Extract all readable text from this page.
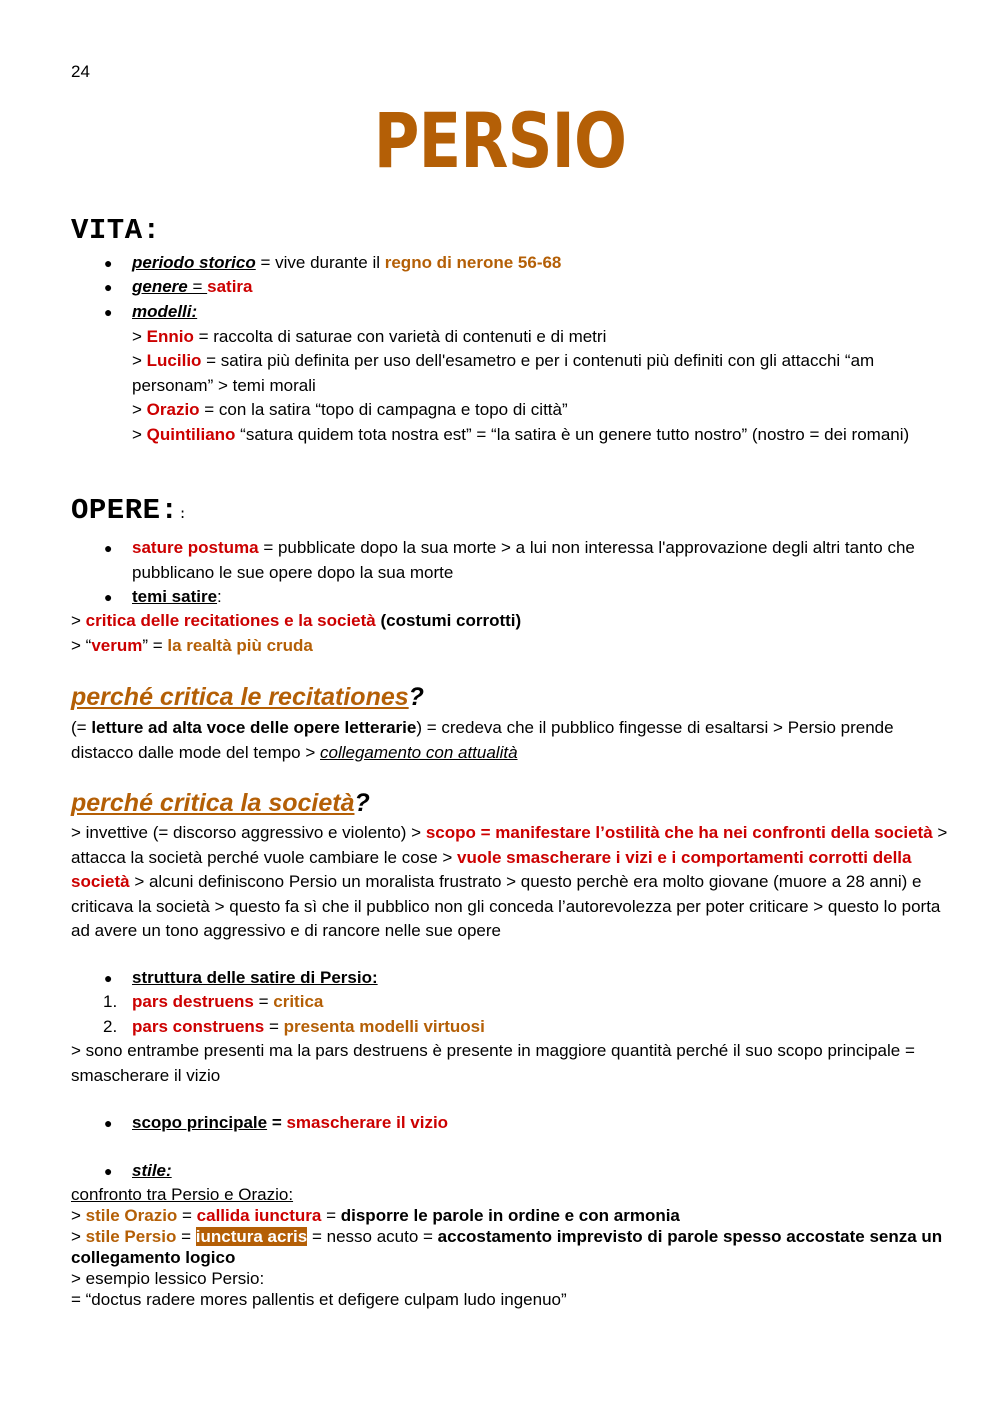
24
PERSIO
VITA:
● periodo storico = vive durante il regno di nerone 56-68
● genere = satira
● modelli:
> Ennio = raccolta di saturae con varietà di contenuti e di metri
> Lucilio = satira più definita per uso dell'esametro e per i contenuti più definiti con gli attacchi “am personam” > temi morali
> Orazio = con la satira “topo di campagna e topo di città”
> Quintiliano “satura quidem tota nostra est” = “la satira è un genere tutto nostro” (nostro = dei romani)
OPERE::
● sature postuma = pubblicate dopo la sua morte > a lui non interessa l'approvazione degli altri tanto che pubblicano le sue opere dopo la sua morte
● temi satire:
> critica delle recitationes e la società (costumi corrotti)
> “verum” = la realtà più cruda
perché critica le recitationes?
(= letture ad alta voce delle opere letterarie) = credeva che il pubblico fingesse di esaltarsi > Persio prende distacco dalle mode del tempo > collegamento con attualità
perché critica la società?
> invettive (= discorso aggressivo e violento) > scopo = manifestare l’ostilità che ha nei confronti della società > attacca la società perché vuole cambiare le cose > vuole smascherare i vizi e i comportamenti corrotti della società > alcuni definiscono Persio un moralista frustrato > questo perchè era molto giovane (muore a 28 anni) e criticava la società > questo fa sì che il pubblico non gli conceda l’autorevolezza per poter criticare > questo lo porta ad avere un tono aggressivo e di rancore nelle sue opere
● struttura delle satire di Persio:
1. pars destruens = critica
2. pars construens = presenta modelli virtuosi
> sono entrambe presenti ma la pars destruens è presente in maggiore quantità perché il suo scopo principale = smascherare il vizio
● scopo principale = smascherare il vizio
● stile:
confronto tra Persio e Orazio:
> stile Orazio = callida iunctura = disporre le parole in ordine e con armonia
> stile Persio = iunctura acris = nesso acuto = accostamento imprevisto di parole spesso accostate senza un collegamento logico
> esempio lessico Persio:
= “doctus radere mores pallentis et defigere culpam ludo ingenuo”
